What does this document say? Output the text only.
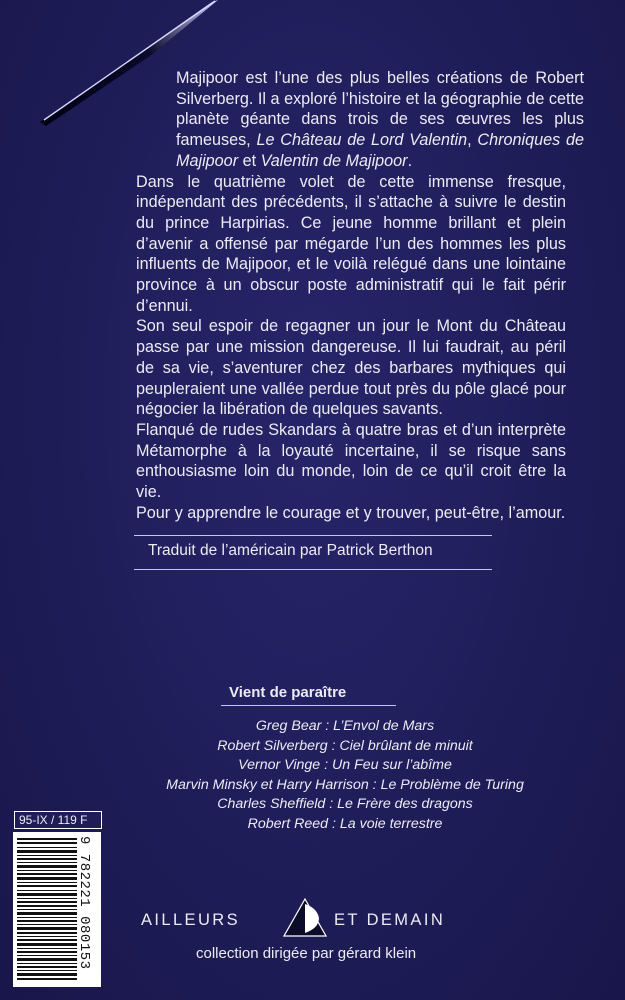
Majipoor est l’une des plus belles créations de Robert Silverberg. Il a exploré l’histoire et la géographie de cette planète géante dans trois de ses œuvres les plus fameuses, Le Château de Lord Valentin, Chroniques de Majipoor et Valentin de Majipoor.

Dans le quatrième volet de cette immense fresque, indépendant des précédents, il s’attache à suivre le destin du prince Harpirias. Ce jeune homme brillant et plein d’avenir a offensé par mégarde l’un des hommes les plus influents de Majipoor, et le voilà relégué dans une lointaine province à un obscur poste administratif qui le fait périr d’ennui.

Son seul espoir de regagner un jour le Mont du Château passe par une mission dangereuse. Il lui faudrait, au péril de sa vie, s’aventurer chez des barbares mythiques qui peupleraient une vallée perdue tout près du pôle glacé pour négocier la libération de quelques savants.

Flanqué de rudes Skandars à quatre bras et d’un interprète Métamorphe à la loyauté incertaine, il se risque sans enthousiasme loin du monde, loin de ce qu’il croit être la vie.

Pour y apprendre le courage et y trouver, peut-être, l’amour.

Traduit de l’américain par Patrick Berthon
Vient de paraître
Greg Bear : L’Envol de Mars
Robert Silverberg : Ciel brûlant de minuit
Vernor Vinge : Un Feu sur l’abîme
Marvin Minsky et Harry Harrison : Le Problème de Turing
Charles Sheffield : Le Frère des dragons
Robert Reed : La voie terrestre
95-IX / 119 F
9 782221 080153	AILLEURS	ET DEMAIN
collection dirigée par gérard klein
